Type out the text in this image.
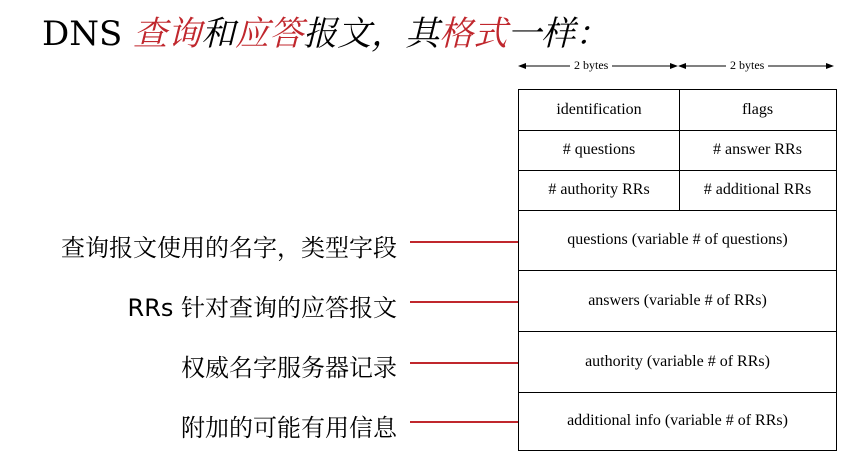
DNS 查询和应答报文，其格式一样：
2 bytes	2 bytes
identification	flags
# questions	# answer RRs
# authority RRs	# additional RRs
questions (variable # of questions)
answers (variable # of RRs)
authority (variable # of RRs)
additional info (variable # of RRs)
查询报文使用的名字，类型字段
RRs 针对查询的应答报文
权威名字服务器记录
附加的可能有用信息
